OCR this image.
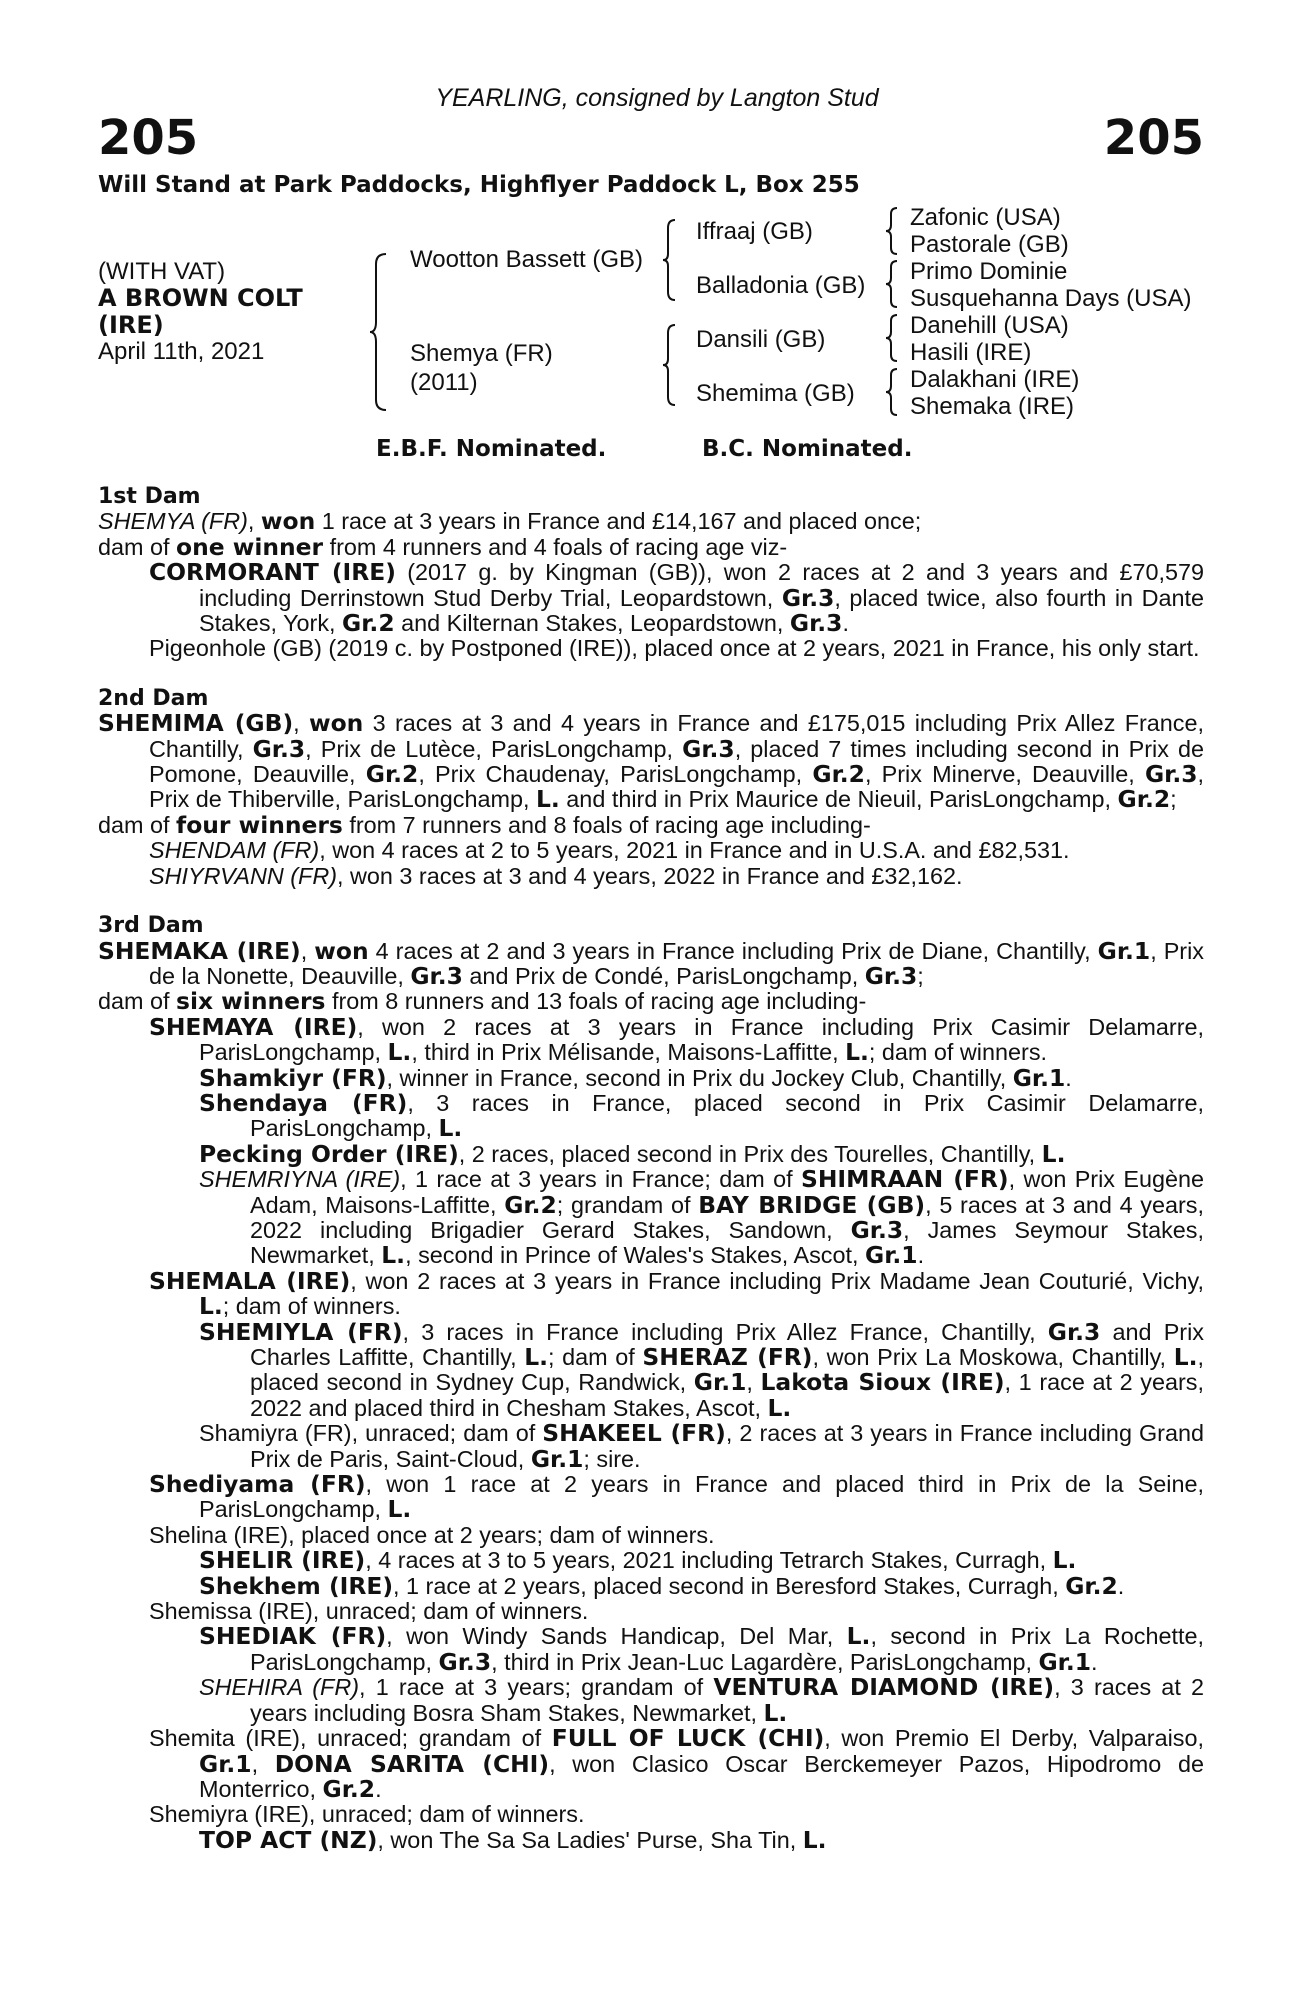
YEARLING, consigned by Langton Stud
205	205
Will Stand at Park Paddocks, Highflyer Paddock L, Box 255
(WITH VAT)
A BROWN COLT
(IRE)
April 11th, 2021
Wootton Bassett (GB)
Shemya (FR)
(2011)
Iffraaj (GB)
Balladonia (GB)
Dansili (GB)
Shemima (GB)
Zafonic (USA)
Pastorale (GB)
Primo Dominie
Susquehanna Days (USA)
Danehill (USA)
Hasili (IRE)
Dalakhani (IRE)
Shemaka (IRE)
E.B.F. Nominated.	B.C. Nominated.

1st Dam

SHEMYA (FR), won 1 race at 3 years in France and £14,167 and placed once;

dam of one winner from 4 runners and 4 foals of racing age viz-

CORMORANT (IRE) (2017 g. by Kingman (GB)), won 2 races at 2 and 3 years and £70,579 including Derrinstown Stud Derby Trial, Leopardstown, Gr.3, placed twice, also fourth in Dante Stakes, York, Gr.2 and Kilternan Stakes, Leopardstown, Gr.3.

Pigeonhole (GB) (2019 c. by Postponed (IRE)), placed once at 2 years, 2021 in France, his only start.

2nd Dam

SHEMIMA (GB), won 3 races at 3 and 4 years in France and £175,015 including Prix Allez France, Chantilly, Gr.3, Prix de Lutèce, ParisLongchamp, Gr.3, placed 7 times including second in Prix de Pomone, Deauville, Gr.2, Prix Chaudenay, ParisLongchamp, Gr.2, Prix Minerve, Deauville, Gr.3, Prix de Thiberville, ParisLongchamp, L. and third in Prix Maurice de Nieuil, ParisLongchamp, Gr.2;

dam of four winners from 7 runners and 8 foals of racing age including-

SHENDAM (FR), won 4 races at 2 to 5 years, 2021 in France and in U.S.A. and £82,531.

SHIYRVANN (FR), won 3 races at 3 and 4 years, 2022 in France and £32,162.

3rd Dam

SHEMAKA (IRE), won 4 races at 2 and 3 years in France including Prix de Diane, Chantilly, Gr.1, Prix de la Nonette, Deauville, Gr.3 and Prix de Condé, ParisLongchamp, Gr.3;

dam of six winners from 8 runners and 13 foals of racing age including-

SHEMAYA (IRE), won 2 races at 3 years in France including Prix Casimir Delamarre, ParisLongchamp, L., third in Prix Mélisande, Maisons-Laffitte, L.; dam of winners.

Shamkiyr (FR), winner in France, second in Prix du Jockey Club, Chantilly, Gr.1.

Shendaya (FR), 3 races in France, placed second in Prix Casimir Delamarre, ParisLongchamp, L.

Pecking Order (IRE), 2 races, placed second in Prix des Tourelles, Chantilly, L.

SHEMRIYNA (IRE), 1 race at 3 years in France; dam of SHIMRAAN (FR), won Prix Eugène Adam, Maisons-Laffitte, Gr.2; grandam of BAY BRIDGE (GB), 5 races at 3 and 4 years, 2022 including Brigadier Gerard Stakes, Sandown, Gr.3, James Seymour Stakes, Newmarket, L., second in Prince of Wales's Stakes, Ascot, Gr.1.

SHEMALA (IRE), won 2 races at 3 years in France including Prix Madame Jean Couturié, Vichy, L.; dam of winners.

SHEMIYLA (FR), 3 races in France including Prix Allez France, Chantilly, Gr.3 and Prix Charles Laffitte, Chantilly, L.; dam of SHERAZ (FR), won Prix La Moskowa, Chantilly, L., placed second in Sydney Cup, Randwick, Gr.1, Lakota Sioux (IRE), 1 race at 2 years, 2022 and placed third in Chesham Stakes, Ascot, L.

Shamiyra (FR), unraced; dam of SHAKEEL (FR), 2 races at 3 years in France including Grand Prix de Paris, Saint-Cloud, Gr.1; sire.

Shediyama (FR), won 1 race at 2 years in France and placed third in Prix de la Seine, ParisLongchamp, L.

Shelina (IRE), placed once at 2 years; dam of winners.

SHELIR (IRE), 4 races at 3 to 5 years, 2021 including Tetrarch Stakes, Curragh, L.

Shekhem (IRE), 1 race at 2 years, placed second in Beresford Stakes, Curragh, Gr.2.

Shemissa (IRE), unraced; dam of winners.

SHEDIAK (FR), won Windy Sands Handicap, Del Mar, L., second in Prix La Rochette, ParisLongchamp, Gr.3, third in Prix Jean-Luc Lagardère, ParisLongchamp, Gr.1.

SHEHIRA (FR), 1 race at 3 years; grandam of VENTURA DIAMOND (IRE), 3 races at 2 years including Bosra Sham Stakes, Newmarket, L.

Shemita (IRE), unraced; grandam of FULL OF LUCK (CHI), won Premio El Derby, Valparaiso, Gr.1, DONA SARITA (CHI), won Clasico Oscar Berckemeyer Pazos, Hipodromo de Monterrico, Gr.2.

Shemiyra (IRE), unraced; dam of winners.

TOP ACT (NZ), won The Sa Sa Ladies' Purse, Sha Tin, L.
